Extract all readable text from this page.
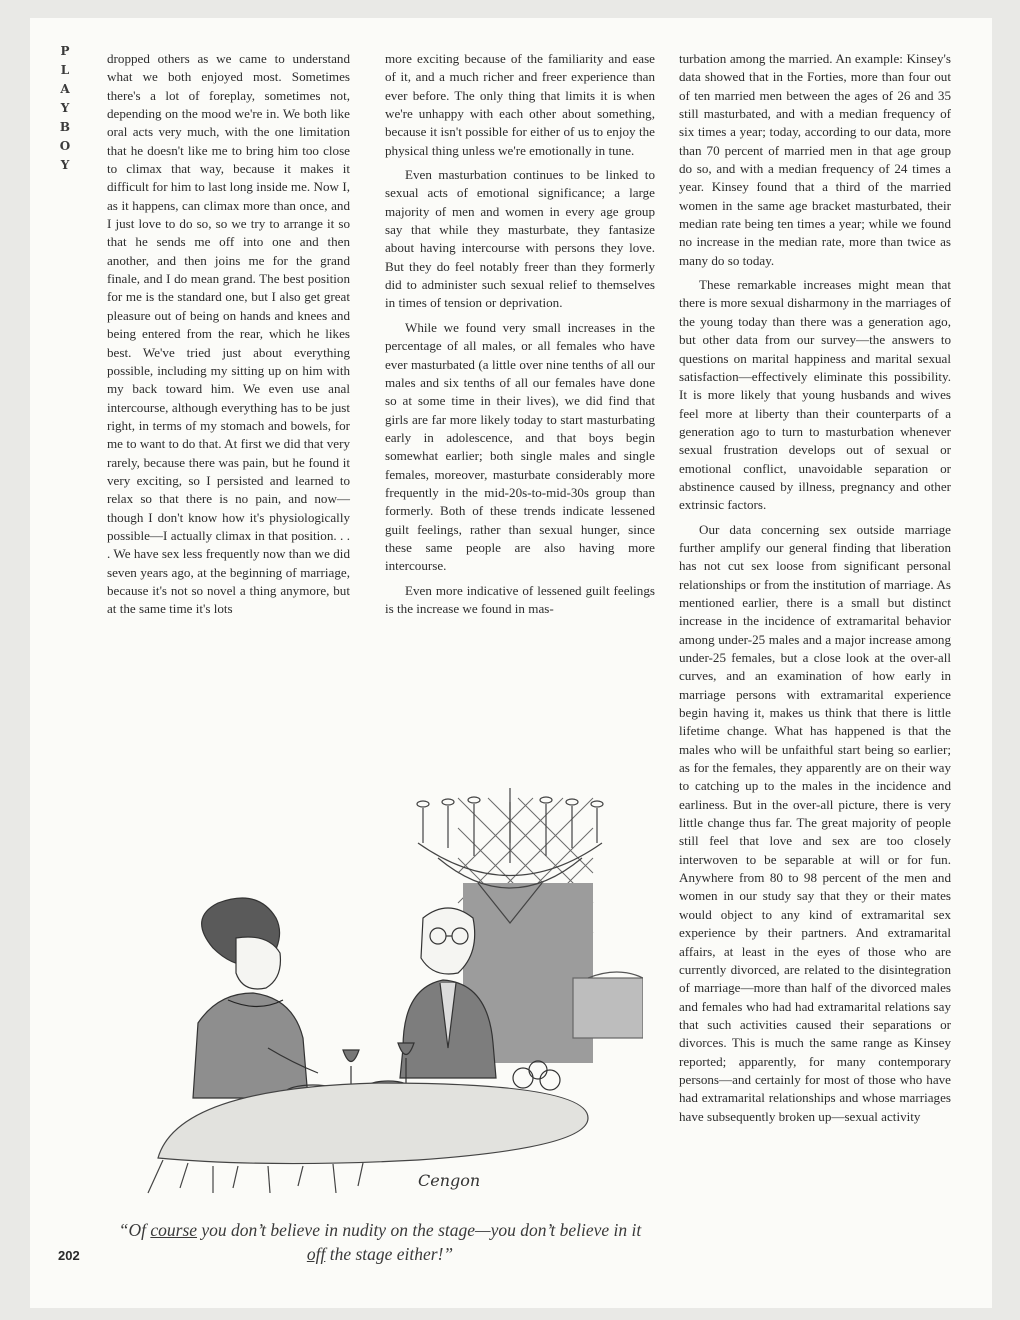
P
L
A
Y
B
O
Y

dropped others as we came to understand what we both enjoyed most. Sometimes there's a lot of foreplay, sometimes not, depending on the mood we're in. We both like oral acts very much, with the one limitation that he doesn't like me to bring him too close to climax that way, because it makes it difficult for him to last long inside me. Now I, as it happens, can climax more than once, and I just love to do so, so we try to arrange it so that he sends me off into one and then another, and then joins me for the grand finale, and I do mean grand. The best position for me is the standard one, but I also get great pleasure out of being on hands and knees and being entered from the rear, which he likes best. We've tried just about everything possible, including my sitting up on him with my back toward him. We even use anal intercourse, although everything has to be just right, in terms of my stomach and bowels, for me to want to do that. At first we did that very rarely, because there was pain, but he found it very exciting, so I persisted and learned to relax so that there is no pain, and now—though I don't know how it's physiologically possible—I actually climax in that position. . . . We have sex less frequently now than we did seven years ago, at the beginning of marriage, because it's not so novel a thing anymore, but at the same time it's lots

more exciting because of the familiarity and ease of it, and a much richer and freer experience than ever before. The only thing that limits it is when we're unhappy with each other about something, because it isn't possible for either of us to enjoy the physical thing unless we're emotionally in tune.

Even masturbation continues to be linked to sexual acts of emotional significance; a large majority of men and women in every age group say that while they masturbate, they fantasize about having intercourse with persons they love. But they do feel notably freer than they formerly did to administer such sexual relief to themselves in times of tension or deprivation.

While we found very small increases in the percentage of all males, or all females who have ever masturbated (a little over nine tenths of all our males and six tenths of all our females have done so at some time in their lives), we did find that girls are far more likely today to start masturbating early in adolescence, and that boys begin somewhat earlier; both single males and single females, moreover, masturbate considerably more frequently in the mid-20s-to-mid-30s group than formerly. Both of these trends indicate lessened guilt feelings, rather than sexual hunger, since these same people are also having more intercourse.

Even more indicative of lessened guilt feelings is the increase we found in mas-

turbation among the married. An example: Kinsey's data showed that in the Forties, more than four out of ten married men between the ages of 26 and 35 still masturbated, and with a median frequency of six times a year; today, according to our data, more than 70 percent of married men in that age group do so, and with a median frequency of 24 times a year. Kinsey found that a third of the married women in the same age bracket masturbated, their median rate being ten times a year; while we found no increase in the median rate, more than twice as many do so today.

These remarkable increases might mean that there is more sexual disharmony in the marriages of the young today than there was a generation ago, but other data from our survey—the answers to questions on marital happiness and marital sexual satisfaction—effectively eliminate this possibility. It is more likely that young husbands and wives feel more at liberty than their counterparts of a generation ago to turn to masturbation whenever sexual frustration develops out of sexual or emotional conflict, unavoidable separation or abstinence caused by illness, pregnancy and other extrinsic factors.

Our data concerning sex outside marriage further amplify our general finding that liberation has not cut sex loose from significant personal relationships or from the institution of marriage. As mentioned earlier, there is a small but distinct increase in the incidence of extramarital behavior among under-25 males and a major increase among under-25 females, but a close look at the over-all curves, and an examination of how early in marriage persons with extramarital experience begin having it, makes us think that there is little lifetime change. What has happened is that the males who will be unfaithful start being so earlier; as for the females, they apparently are on their way to catching up to the males in the incidence and earliness. But in the over-all picture, there is very little change thus far. The great majority of people still feel that love and sex are too closely interwoven to be separable at will or for fun. Anywhere from 80 to 98 percent of the men and women in our study say that they or their mates would object to any kind of extramarital sex experience by their partners. And extramarital affairs, at least in the eyes of those who are currently divorced, are related to the disintegration of marriage—more than half of the divorced males and females who had had extramarital relations say that such activities caused their separations or divorces. This is much the same range as Kinsey reported; apparently, for many contemporary persons—and certainly for most of those who have had extramarital relationships and whose marriages have subsequently broken up—sexual activity

Cengon
“Of course you don’t believe in nudity on the stage—you don’t believe in it off the stage either!”
202
